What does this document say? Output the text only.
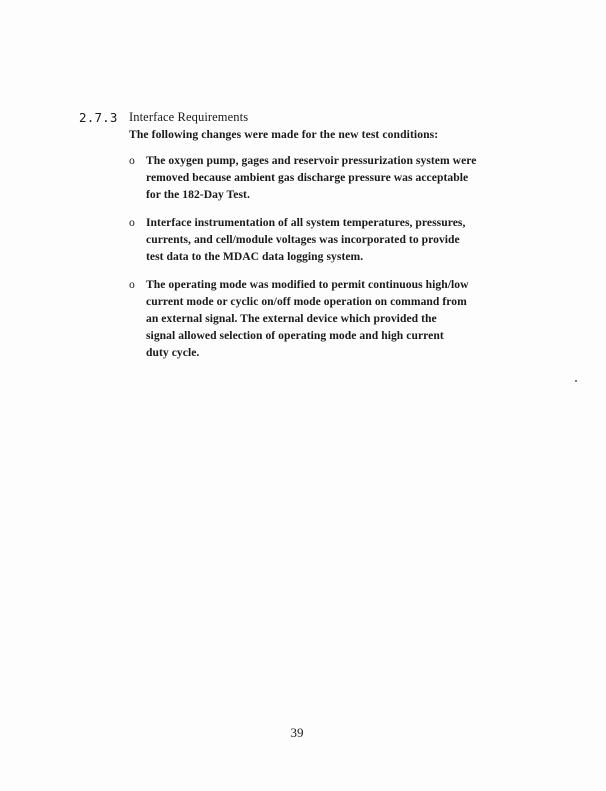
2.7.3 Interface Requirements
The following changes were made for the new test conditions:
o The oxygen pump, gages and reservoir pressurization system were
removed because ambient gas discharge pressure was acceptable
for the 182-Day Test.
o Interface instrumentation of all system temperatures, pressures,
currents, and cell/module voltages was incorporated to provide
test data to the MDAC data logging system.
o The operating mode was modified to permit continuous high/low
current mode or cyclic on/off mode operation on command from
an external signal. The external device which provided the
signal allowed selection of operating mode and high current
duty cycle.
39
